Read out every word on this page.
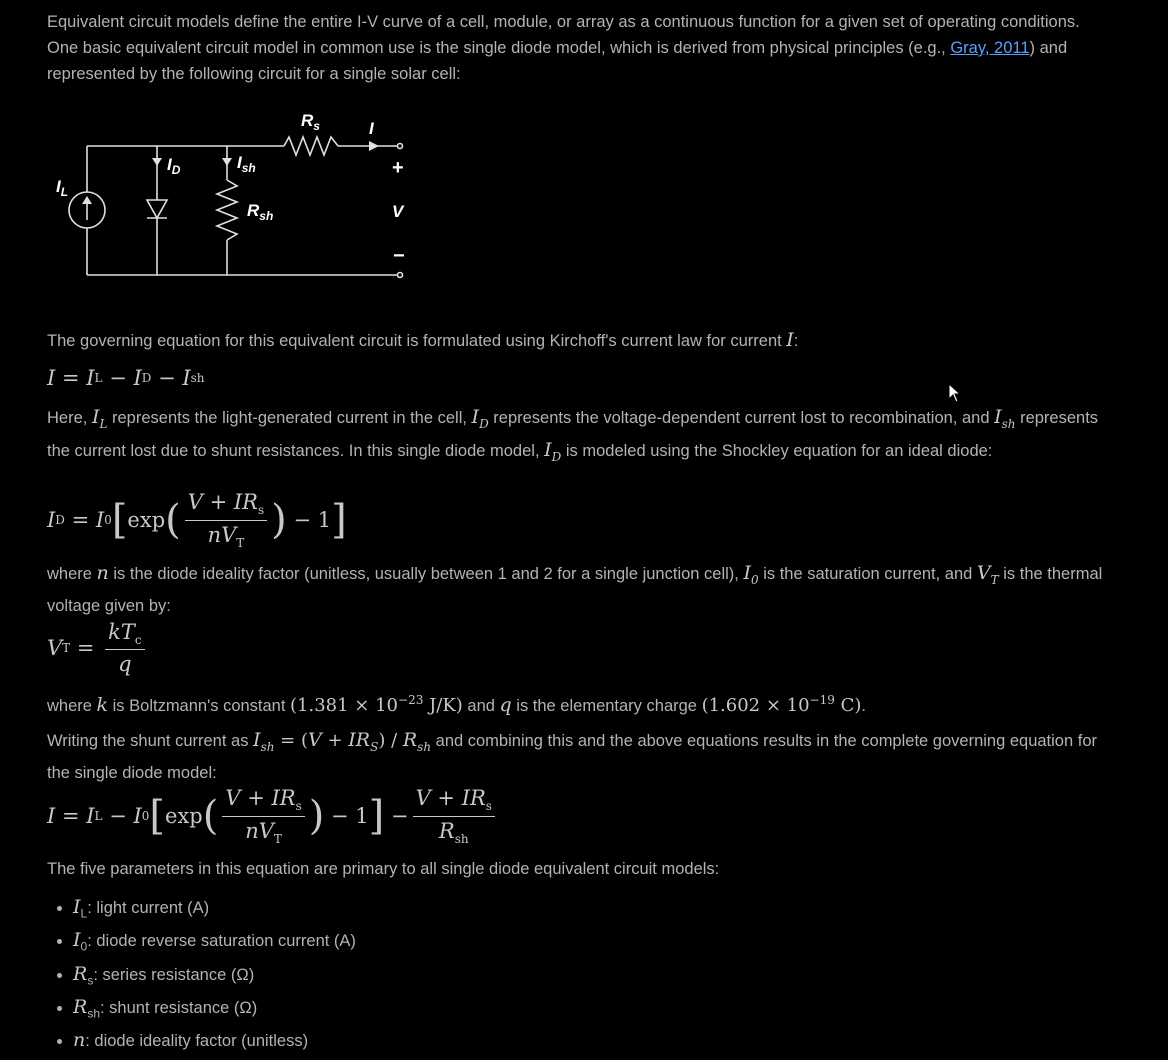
Equivalent circuit models define the entire I-V curve of a cell, module, or array as a continuous function for a given set of operating conditions. One basic equivalent circuit model in common use is the single diode model, which is derived from physical principles (e.g., Gray, 2011) and represented by the following circuit for a single solar cell:

$I_L$
$I_D$	$I_{sh}$
$R_{sh}$
$R_s$	I
+
V
−

The governing equation for this equivalent circuit is formulated using Kirchoff's current law for current I:

I = I L − I D − I sh

Here, $I_L$ represents the light-generated current in the cell, $I_D$ represents the voltage-dependent current lost to recombination, and $I_{sh}$ represents the current lost due to shunt resistances. In this single diode model, $I_D$ is modeled using the Shockley equation for an ideal diode:

I D = I 0 [ exp ( $\frac{V + IR_s}{nV_T}$ ) − 1 ]

where n is the diode ideality factor (unitless, usually between 1 and 2 for a single junction cell), $I_0$ is the saturation current, and $V_T$ is the thermal voltage given by:

V $T = \frac{kT_c}{q}$

where k is Boltzmann's constant ($1.381 \times 10^{-23}$ J/K) and q is the elementary charge ($1.602 \times 10^{-19}$ C).

Writing the shunt current as $I_{sh} = (V + IR_S) / R_{sh}$ and combining this and the above equations results in the complete governing equation for the single diode model:

I = I L − I 0 [ exp ( $\frac{V + IR_s}{nV_T}$ ) − 1 ] − $\frac{V + IR_s}{R_{sh}}$

The five parameters in this equation are primary to all single diode equivalent circuit models:

• $I_L$: light current (A)
• $I_0$: diode reverse saturation current (A)
• $R_s$: series resistance (Ω)
• $R_{sh}$: shunt resistance (Ω)
• n: diode ideality factor (unitless)
